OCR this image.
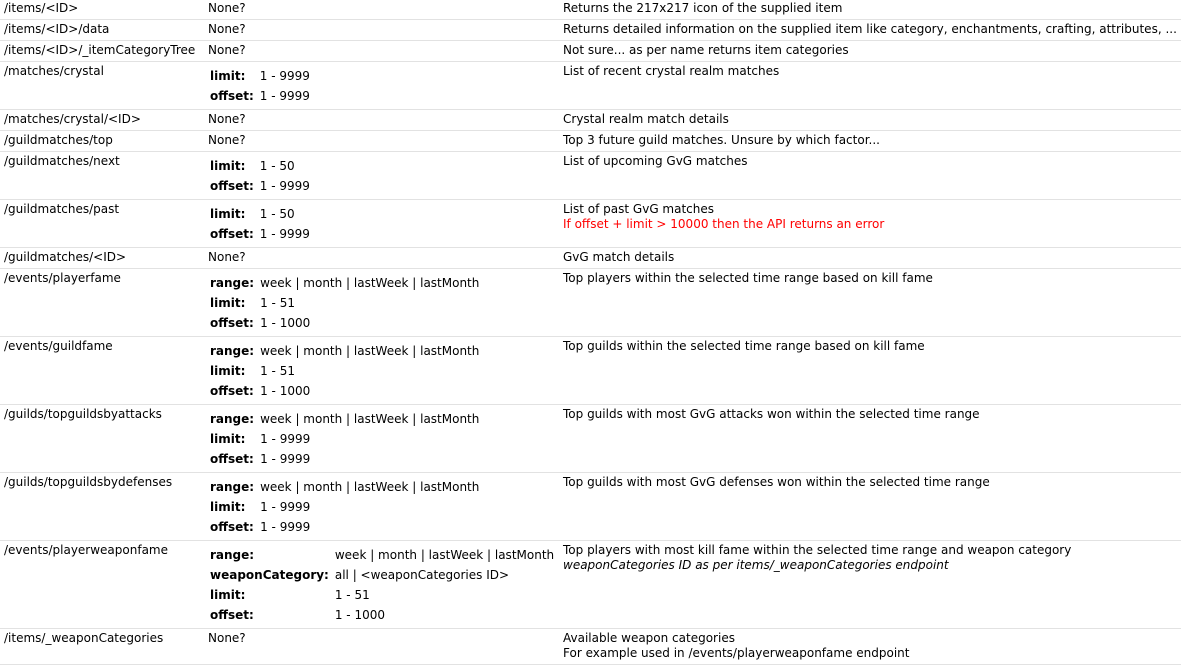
/items/<ID>	None?	Returns the 217x217 icon of the supplied item
/items/<ID>/data	None?	Returns detailed information on the supplied item like category, enchantments, crafting, attributes, ...
/items/<ID>/_itemCategoryTree	None?	Not sure... as per name returns item categories
/matches/crystal		limit:	1 - 9999
offset:	1 - 9999
	List of recent crystal realm matches
/matches/crystal/<ID>	None?	Crystal realm match details
/guildmatches/top	None?	Top 3 future guild matches. Unsure by which factor...
/guildmatches/next		limit:	1 - 50
offset:	1 - 9999
	List of upcoming GvG matches
/guildmatches/past		limit:	1 - 50
offset:	1 - 9999

List of past GvG matches
If offset + limit > 10000 then the API returns an error

/guildmatches/<ID>	None?	GvG match details
/events/playerfame		range:	week | month | lastWeek | lastMonth
limit:	1 - 51
offset:	1 - 1000
	Top players within the selected time range based on kill fame
/events/guildfame		range:	week | month | lastWeek | lastMonth
limit:	1 - 51
offset:	1 - 1000
	Top guilds within the selected time range based on kill fame
/guilds/topguildsbyattacks		range:	week | month | lastWeek | lastMonth
limit:	1 - 9999
offset:	1 - 9999
	Top guilds with most GvG attacks won within the selected time range
/guilds/topguildsbydefenses		range:	week | month | lastWeek | lastMonth
limit:	1 - 9999
offset:	1 - 9999
	Top guilds with most GvG defenses won within the selected time range
/events/playerweaponfame		range:	week | month | lastWeek | lastMonth
weaponCategory:	all | <weaponCategories ID>
limit:	1 - 51
offset:	1 - 1000

Top players with most kill fame within the selected time range and weapon category
weaponCategories ID as per items/_weaponCategories endpoint

/items/_weaponCategories	None?	Available weapon categories
For example used in /events/playerweaponfame endpoint
